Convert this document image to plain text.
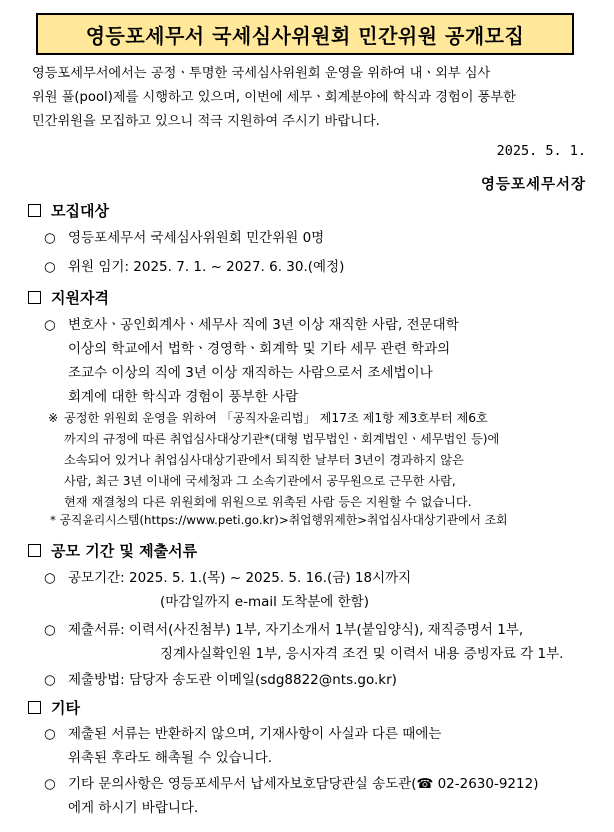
영등포세무서 국세심사위원회 민간위원 공개모집
영등포세무서에서는 공정ㆍ투명한 국세심사위원회 운영을 위하여 내ㆍ외부 심사
위원 풀(pool)제를 시행하고 있으며, 이번에 세무ㆍ회계분야에 학식과 경험이 풍부한
민간위원을 모집하고 있으니 적극 지원하여 주시기 바랍니다.
2025. 5. 1.
영등포세무서장
모집대상
○ 영등포세무서 국세심사위원회 민간위원 0명
○ 위원 임기: 2025. 7. 1. ~ 2027. 6. 30.(예정)
지원자격
○ 변호사ㆍ공인회계사ㆍ세무사 직에 3년 이상 재직한 사람, 전문대학
이상의 학교에서 법학ㆍ경영학ㆍ회계학 및 기타 세무 관련 학과의
조교수 이상의 직에 3년 이상 재직하는 사람으로서 조세법이나
회계에 대한 학식과 경험이 풍부한 사람
※ 공정한 위원회 운영을 위하여 「공직자윤리법」 제17조 제1항 제3호부터 제6호
까지의 규정에 따른 취업심사대상기관*(대형 법무법인ㆍ회계법인ㆍ세무법인 등)에
소속되어 있거나 취업심사대상기관에서 퇴직한 날부터 3년이 경과하지 않은
사람, 최근 3년 이내에 국세청과 그 소속기관에서 공무원으로 근무한 사람,
현재 재결청의 다른 위원회에 위원으로 위촉된 사람 등은 지원할 수 없습니다.
* 공직윤리시스템(https://www.peti.go.kr)>취업행위제한>취업심사대상기관에서 조회
공모 기간 및 제출서류
○ 공모기간: 2025. 5. 1.(목) ~ 2025. 5. 16.(금) 18시까지
(마감일까지 e-mail 도착분에 한함)
○ 제출서류: 이력서(사진첨부) 1부, 자기소개서 1부(붙임양식), 재직증명서 1부,
징계사실확인원 1부, 응시자격 조건 및 이력서 내용 증빙자료 각 1부.
○ 제출방법: 담당자 송도관 이메일(sdg8822@nts.go.kr)
기타
○ 제출된 서류는 반환하지 않으며, 기재사항이 사실과 다른 때에는
위촉된 후라도 해촉될 수 있습니다.
○ 기타 문의사항은 영등포세무서 납세자보호담당관실 송도관(☎ 02-2630-9212)
에게 하시기 바랍니다.
